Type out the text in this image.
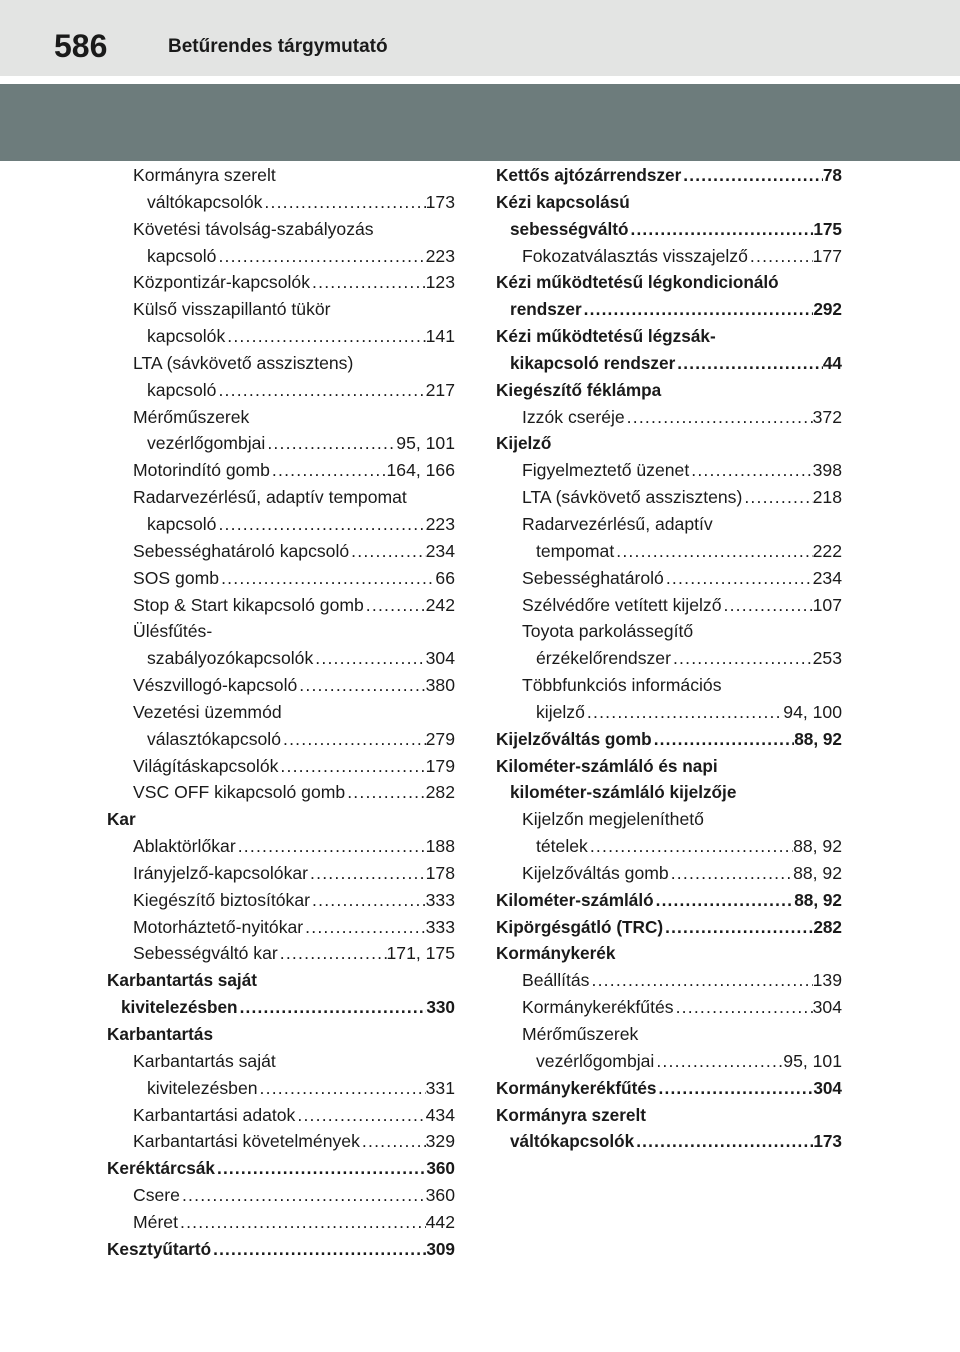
586	Betűrendes tárgymutató
Kormányra szerelt
váltókapcsolók .....	173
Követési távolság-szabályozás
kapcsoló .....	223
Központizár-kapcsolók .....	123
Külső visszapillantó tükör
kapcsolók .....	141
LTA (sávkövető asszisztens)
kapcsoló .....	217
Mérőműszerek
vezérlőgombjai .....	95, 101
Motorindító gomb .....	164, 166
Radarvezérlésű, adaptív tempomat
kapcsoló .....	223
Sebességhatároló kapcsoló .....	234
SOS gomb .....	66
Stop & Start kikapcsoló gomb .....	242
Ülésfűtés-
szabályozókapcsolók .....	304
Vészvillogó-kapcsoló .....	380
Vezetési üzemmód
választókapcsoló .....	279
Világításkapcsolók .....	179
VSC OFF kikapcsoló gomb .....	282
Kar
Ablaktörlőkar .....	188
Irányjelző-kapcsolókar .....	178
Kiegészítő biztosítókar .....	333
Motorháztető-nyitókar .....	333
Sebességváltó kar .....	171, 175
Karbantartás saját
kivitelezésben .....	330
Karbantartás
Karbantartás saját
kivitelezésben .....	331
Karbantartási adatok .....	434
Karbantartási követelmények .....	329
Keréktárcsák .....	360
Csere .....	360
Méret .....	442
Kesztyűtartó .....	309
Kettős ajtózárrendszer .....	78
Kézi kapcsolású
sebességváltó .....	175
Fokozatválasztás visszajelző .....	177
Kézi működtetésű légkondicionáló
rendszer .....	292
Kézi működtetésű légzsák-
kikapcsoló rendszer .....	44
Kiegészítő féklámpa
Izzók cseréje .....	372
Kijelző
Figyelmeztető üzenet .....	398
LTA (sávkövető asszisztens) .....	218
Radarvezérlésű, adaptív
tempomat .....	222
Sebességhatároló .....	234
Szélvédőre vetített kijelző .....	107
Toyota parkolássegítő
érzékelőrendszer .....	253
Többfunkciós információs
kijelző .....	94, 100
Kijelzőváltás gomb .....	88, 92
Kilométer-számláló és napi
kilométer-számláló kijelzője
Kijelzőn megjeleníthető
tételek .....	88, 92
Kijelzőváltás gomb .....	88, 92
Kilométer-számláló .....	88, 92
Kipörgésgátló (TRC) .....	282
Kormánykerék
Beállítás .....	139
Kormánykerékfűtés .....	304
Mérőműszerek
vezérlőgombjai .....	95, 101
Kormánykerékfűtés .....	304
Kormányra szerelt
váltókapcsolók .....	173
